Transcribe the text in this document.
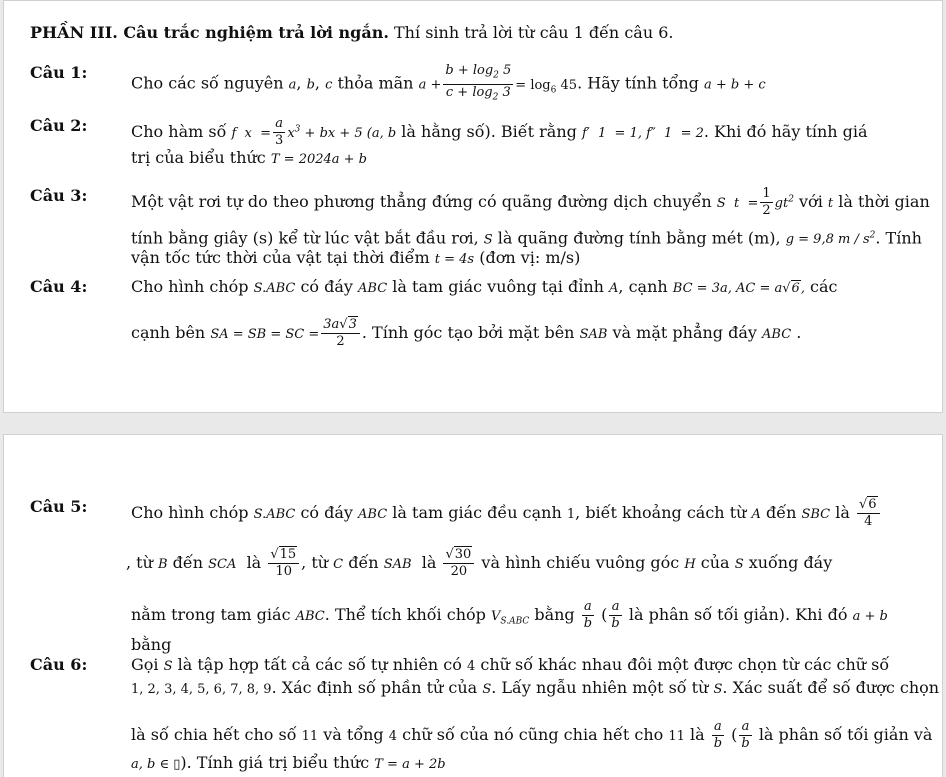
PHẦN III. Câu trắc nghiệm trả lời ngắn. Thí sinh trả lời từ câu 1 đến câu 6.
Câu 1:
Cho các số nguyên a, b, c thỏa mãn $a + \frac{b + \log_2 5}{c + \log_2 3} = \log_6 45$. Hãy tính tổng a + b + c
Câu 2:	Cho hàm số f  $x = \frac{a}{3} x^3$ + bx + 5 (a, b là hằng số). Biết rằng f′  1  = 1, f″  1  = 2. Khi đó hãy tính giá
trị của biểu thức T = 2024a + b
Câu 3:	Một vật rơi tự do theo phương thẳng đứng có quãng đường dịch chuyển S  $t = \frac{1}{2} gt^2$ với t là thời gian
tính bằng giây (s) kể từ lúc vật bắt đầu rơi, S là quãng đường tính bằng mét (m), g = 9,8 m / $s^2$. Tính
vận tốc tức thời của vật tại thời điểm t = 4s (đơn vị: m/s)
Câu 4:	Cho hình chóp S.ABC có đáy ABC là tam giác vuông tại đỉnh A, cạnh BC = 3a, AC = a√6, các
cạnh bên SA = SB = SC = $\frac{3a√3}{2}$ . Tính góc tạo bởi mặt bên SAB và mặt phẳng đáy ABC .
Câu 5:	Cho hình chóp S.ABC có đáy ABC là tam giác đều cạnh 1, biết khoảng cách từ A đến SBC là $\frac{√6}{4}$
, từ B đến SCA là $\frac{√15}{10}$ , từ C đến SAB là $\frac{√30}{20}$ và hình chiếu vuông góc H của S xuống đáy
nằm trong tam giác ABC. Thể tích khối chóp $V_{S.ABC}$ bằng $\frac{a}{b}$ ( $\frac{a}{b}$ là phân số tối giản). Khi đó a + b
bằng
Câu 6:	Gọi S là tập hợp tất cả các số tự nhiên có 4 chữ số khác nhau đôi một được chọn từ các chữ số
1, 2, 3, 4, 5, 6, 7, 8, 9. Xác định số phần tử của S. Lấy ngẫu nhiên một số từ S. Xác suất để số được chọn
là số chia hết cho số 11 và tổng 4 chữ số của nó cũng chia hết cho 11 là $\frac{a}{b}$ ( $\frac{a}{b}$ là phân số tối giản và
a, b ∈ ▯). Tính giá trị biểu thức T = a + 2b
